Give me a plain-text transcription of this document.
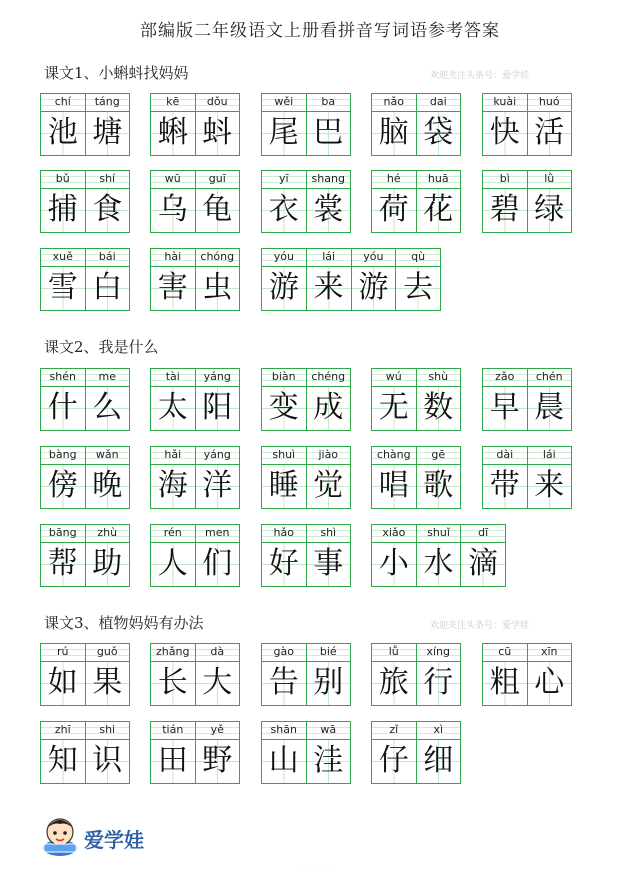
部编版二年级语文上册看拼音写词语参考答案
课文1、小蝌蚪找妈妈	欢迎关注头条号：爱学娃
课文2、我是什么
课文3、植物妈妈有办法	欢迎关注头条号：爱学娃
chí	táng
池 塘
kē	dǒu
蝌 蚪
wěi	ba
尾 巴
nǎo	dai
脑 袋
kuài	huó
快 活
bǔ	shí
捕 食
wū	guī
乌 龟
yī	shang
衣 裳
hé	huā
荷 花
bì	lǜ
碧 绿
xuě	bái
雪 白
hài	chóng
害 虫
yóu	lái	yóu	qù
游 来 游 去
shén	me
什 么
tài	yáng
太 阳
biàn	chéng
变 成
wú	shù
无 数
zǎo	chén
早 晨
bàng	wǎn
傍 晚
hǎi	yáng
海 洋
shuì	jiào
睡 觉
chàng	gē
唱 歌
dài	lái
带 来
bāng	zhù
帮 助
rén	men
人 们
hǎo	shì
好 事
xiǎo	shuǐ	dī
小 水 滴
rú	guǒ
如 果
zhǎng	dà
长 大
gào	bié
告 别
lǚ	xíng
旅 行
cū	xīn
粗 心
zhī	shi
知 识
tián	yě
田 野
shān	wā
山 洼
zǐ	xì
仔 细
爱学娃
· · · · · · · · · ·
